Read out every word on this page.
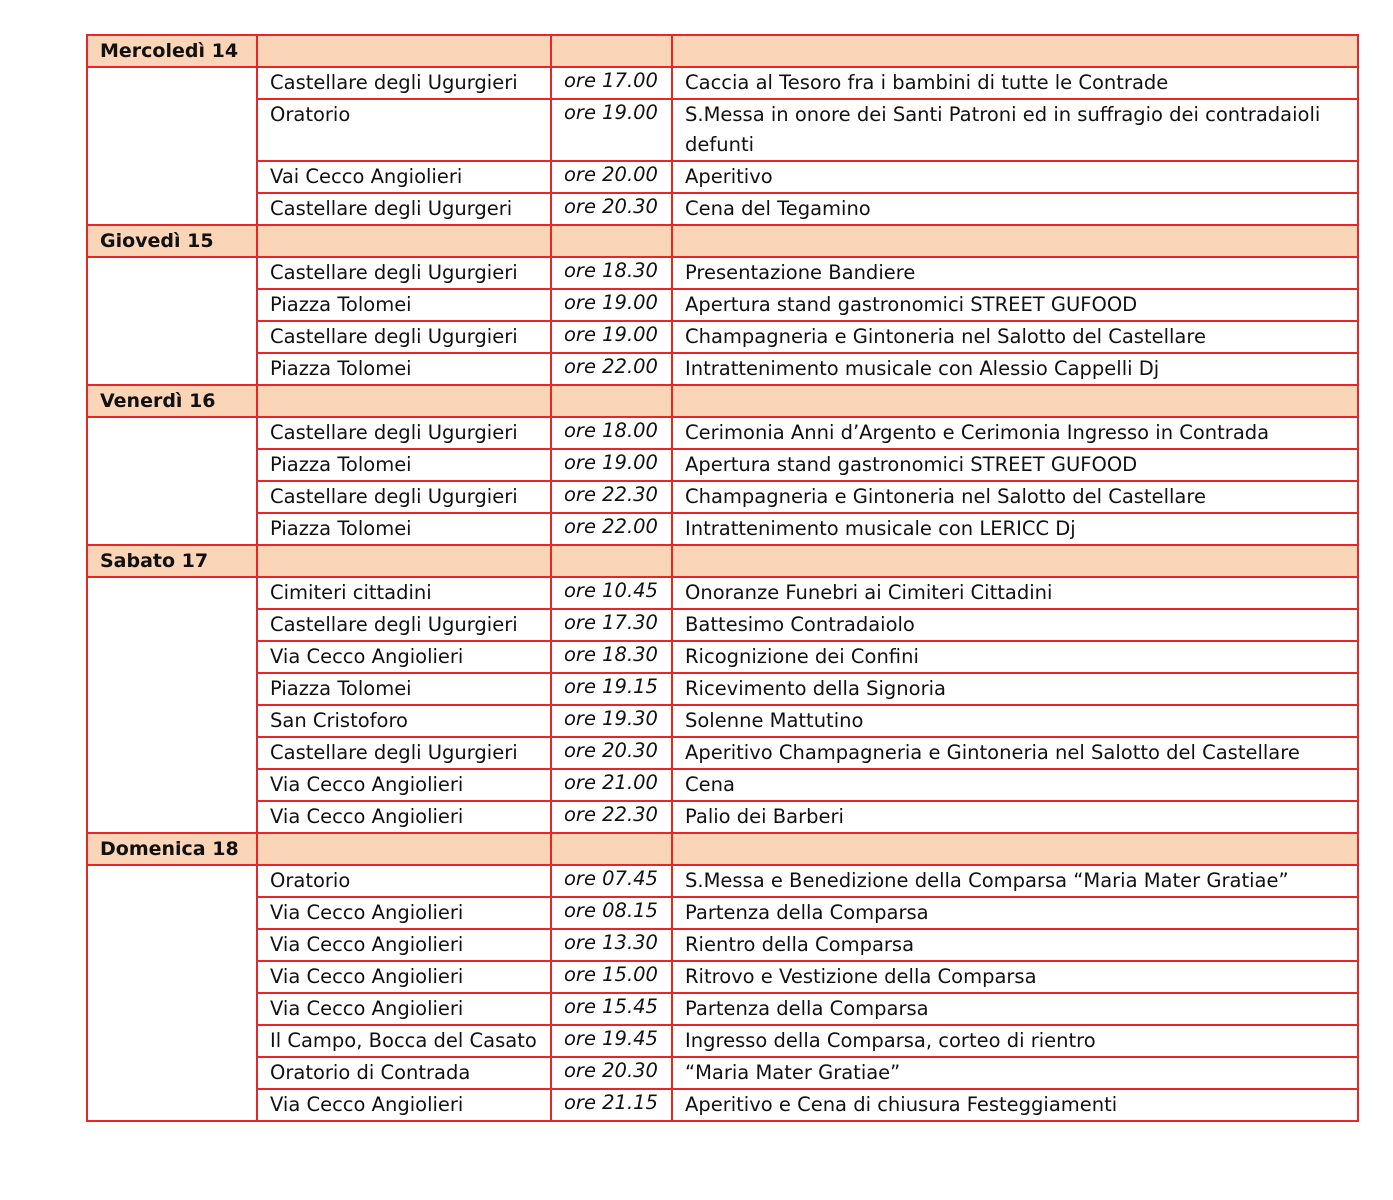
Mercoledì 14			
	Castellare degli Ugurgieri	ore 17.00	Caccia al Tesoro fra i bambini di tutte le Contrade
	Oratorio	ore 19.00	S.Messa in onore dei Santi Patroni ed in suffragio dei contradaioli defunti
	Vai Cecco Angiolieri	ore 20.00	Aperitivo
	Castellare degli Ugurgeri	ore 20.30	Cena del Tegamino
Giovedì 15			
	Castellare degli Ugurgieri	ore 18.30	Presentazione Bandiere
	Piazza Tolomei	ore 19.00	Apertura stand gastronomici STREET GUFOOD
	Castellare degli Ugurgieri	ore 19.00	Champagneria e Gintoneria nel Salotto del Castellare
	Piazza Tolomei	ore 22.00	Intrattenimento musicale con Alessio Cappelli Dj
Venerdì 16			
	Castellare degli Ugurgieri	ore 18.00	Cerimonia Anni d’Argento e Cerimonia Ingresso in Contrada
	Piazza Tolomei	ore 19.00	Apertura stand gastronomici STREET GUFOOD
	Castellare degli Ugurgieri	ore 22.30	Champagneria e Gintoneria nel Salotto del Castellare
	Piazza Tolomei	ore 22.00	Intrattenimento musicale con LERICC Dj
Sabato 17			
	Cimiteri cittadini	ore 10.45	Onoranze Funebri ai Cimiteri Cittadini
	Castellare degli Ugurgieri	ore 17.30	Battesimo Contradaiolo
	Via Cecco Angiolieri	ore 18.30	Ricognizione dei Confini
	Piazza Tolomei	ore 19.15	Ricevimento della Signoria
	San Cristoforo	ore 19.30	Solenne Mattutino
	Castellare degli Ugurgieri	ore 20.30	Aperitivo Champagneria e Gintoneria nel Salotto del Castellare
	Via Cecco Angiolieri	ore 21.00	Cena
	Via Cecco Angiolieri	ore 22.30	Palio dei Barberi
Domenica 18			
	Oratorio	ore 07.45	S.Messa e Benedizione della Comparsa “Maria Mater Gratiae”
	Via Cecco Angiolieri	ore 08.15	Partenza della Comparsa
	Via Cecco Angiolieri	ore 13.30	Rientro della Comparsa
	Via Cecco Angiolieri	ore 15.00	Ritrovo e Vestizione della Comparsa
	Via Cecco Angiolieri	ore 15.45	Partenza della Comparsa
	Il Campo, Bocca del Casato	ore 19.45	Ingresso della Comparsa, corteo di rientro
	Oratorio di Contrada	ore 20.30	“Maria Mater Gratiae”
	Via Cecco Angiolieri	ore 21.15	Aperitivo e Cena di chiusura Festeggiamenti
